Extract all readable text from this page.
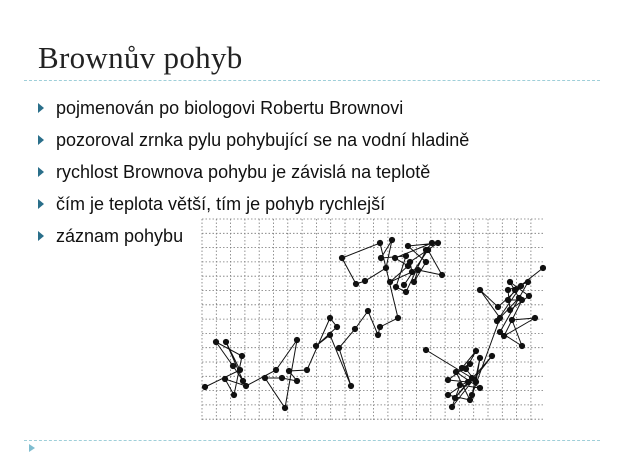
Brownův pohyb
pojmenován po biologovi Robertu Brownovi
pozoroval zrnka pylu pohybující se na vodní hladině
rychlost Brownova pohybu je závislá na teplotě
čím je teplota větší, tím je pohyb rychlejší
záznam pohybu
